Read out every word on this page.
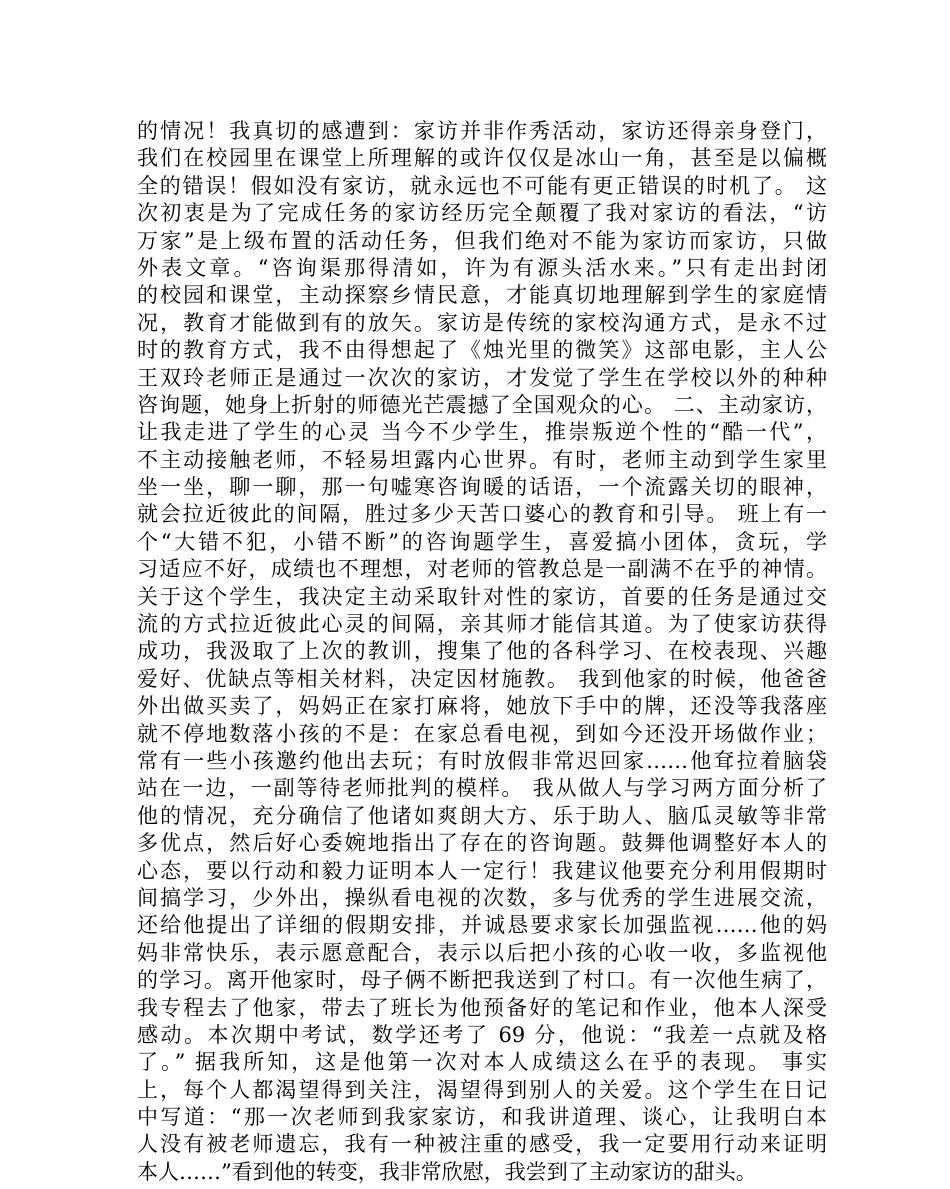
的情况！我真切的感遭到：家访并非作秀活动，家访还得亲身登门，
我们在校园里在课堂上所理解的或许仅仅是冰山一角，甚至是以偏概
全的错误！假如没有家访，就永远也不可能有更正错误的时机了。 这
次初衷是为了完成任务的家访经历完全颠覆了我对家访的看法，“访
万家”是上级布置的活动任务，但我们绝对不能为家访而家访，只做
外表文章。“咨询渠那得清如，许为有源头活水来。”只有走出封闭
的校园和课堂，主动探察乡情民意，才能真切地理解到学生的家庭情
况，教育才能做到有的放矢。家访是传统的家校沟通方式，是永不过
时的教育方式，我不由得想起了《烛光里的微笑》这部电影，主人公
王双玲老师正是通过一次次的家访，才发觉了学生在学校以外的种种
咨询题，她身上折射的师德光芒震撼了全国观众的心。 二、主动家访，
让我走进了学生的心灵 当今不少学生，推崇叛逆个性的“酷一代”，
不主动接触老师，不轻易坦露内心世界。有时，老师主动到学生家里
坐一坐，聊一聊，那一句嘘寒咨询暖的话语，一个流露关切的眼神，
就会拉近彼此的间隔，胜过多少天苦口婆心的教育和引导。 班上有一
个“大错不犯，小错不断”的咨询题学生，喜爱搞小团体，贪玩，学
习适应不好，成绩也不理想，对老师的管教总是一副满不在乎的神情。
关于这个学生，我决定主动采取针对性的家访，首要的任务是通过交
流的方式拉近彼此心灵的间隔，亲其师才能信其道。为了使家访获得
成功，我汲取了上次的教训，搜集了他的各科学习、在校表现、兴趣
爱好、优缺点等相关材料，决定因材施教。 我到他家的时候，他爸爸
外出做买卖了，妈妈正在家打麻将，她放下手中的牌，还没等我落座
就不停地数落小孩的不是：在家总看电视，到如今还没开场做作业；
常有一些小孩邀约他出去玩；有时放假非常迟回家……他耷拉着脑袋
站在一边，一副等待老师批判的模样。 我从做人与学习两方面分析了
他的情况，充分确信了他诸如爽朗大方、乐于助人、脑瓜灵敏等非常
多优点，然后好心委婉地指出了存在的咨询题。鼓舞他调整好本人的
心态，要以行动和毅力证明本人一定行！我建议他要充分利用假期时
间搞学习，少外出，操纵看电视的次数，多与优秀的学生进展交流，
还给他提出了详细的假期安排，并诚恳要求家长加强监视……他的妈
妈非常快乐，表示愿意配合，表示以后把小孩的心收一收，多监视他
的学习。离开他家时，母子俩不断把我送到了村口。有一次他生病了，
我专程去了他家，带去了班长为他预备好的笔记和作业，他本人深受
感动。本次期中考试，数学还考了 69 分，他说：“我差一点就及格
了。” 据我所知，这是他第一次对本人成绩这么在乎的表现。 事实
上，每个人都渴望得到关注，渴望得到别人的关爱。这个学生在日记
中写道：“那一次老师到我家家访，和我讲道理、谈心，让我明白本
人没有被老师遗忘，我有一种被注重的感受，我一定要用行动来证明
本人……”看到他的转变，我非常欣慰，我尝到了主动家访的甜头。
